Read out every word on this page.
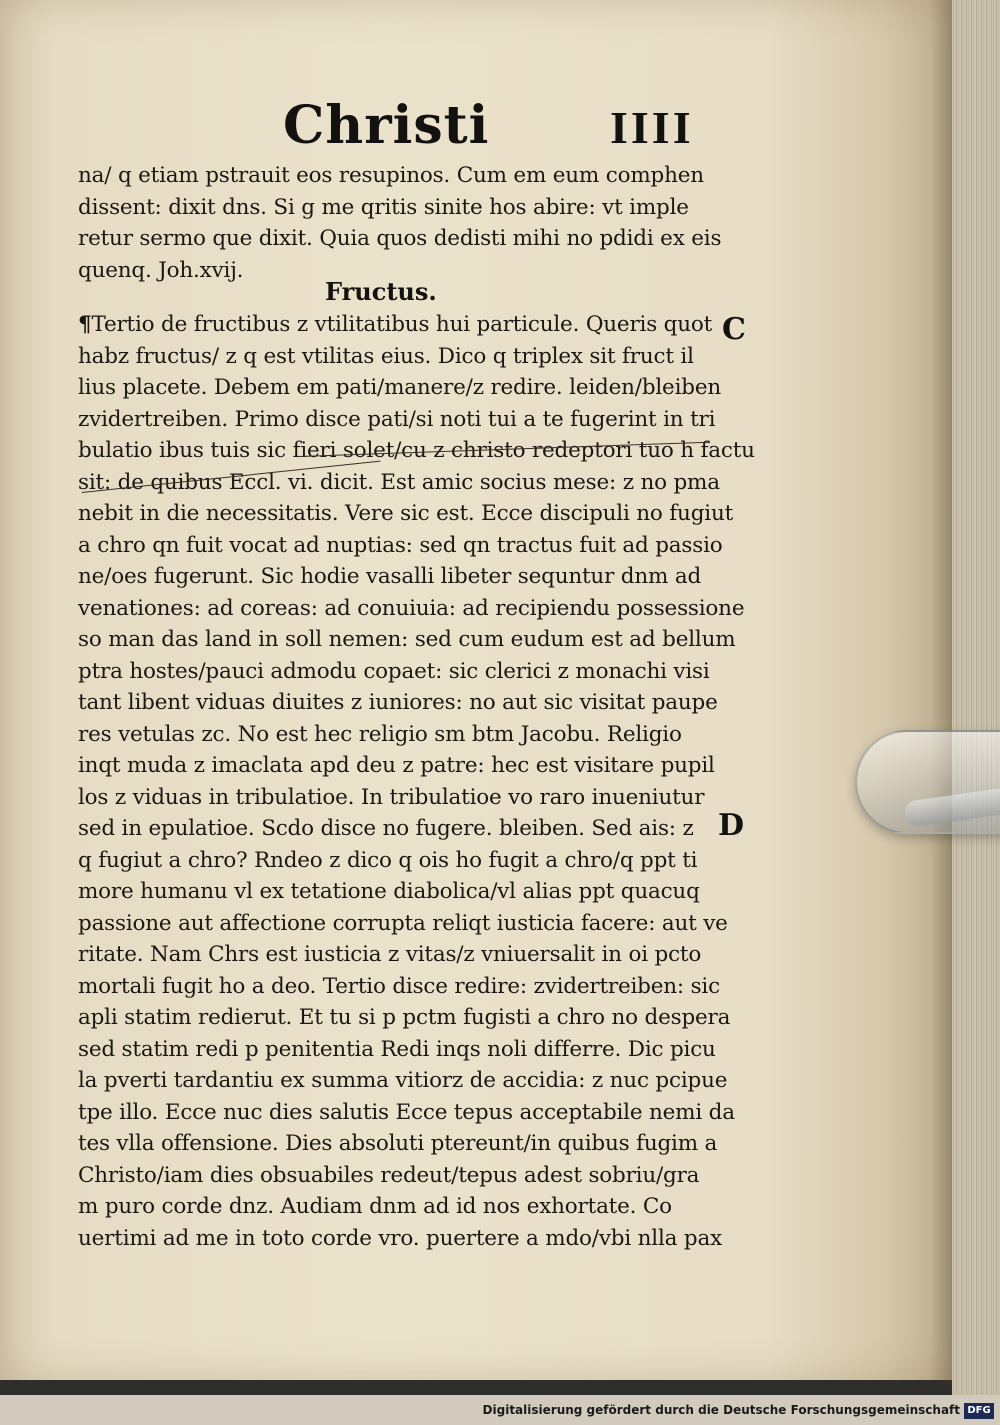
Christi	IIII
na/ q etiam pstrauit eos resupinos. Cum em eum comphen
dissent: dixit dns. Si g me qritis sinite hos abire: vt imple
retur sermo que dixit. Quia quos dedisti mihi no pdidi ex eis
quenq. Joh.xvij.
Fructus.
¶Tertio de fructibus z vtilitatibus hui particule. Queris quot
habz fructus/ z q est vtilitas eius. Dico q triplex sit fruct il
lius placete. Debem em pati/manere/z redire. leiden/bleiben
zvidertreiben. Primo disce pati/si noti tui a te fugerint in tri
bulatio ibus tuis sic fieri solet/cu z christo redeptori tuo h factu
sit: de quibus Eccl. vi. dicit. Est amic socius mese: z no pma
nebit in die necessitatis. Vere sic est. Ecce discipuli no fugiut
a chro qn fuit vocat ad nuptias: sed qn tractus fuit ad passio
ne/oes fugerunt. Sic hodie vasalli libeter sequntur dnm ad
venationes: ad coreas: ad conuiuia: ad recipiendu possessione
so man das land in soll nemen: sed cum eudum est ad bellum
ptra hostes/pauci admodu copaet: sic clerici z monachi visi
tant libent viduas diuites z iuniores: no aut sic visitat paupe
res vetulas zc. No est hec religio sm btm Jacobu. Religio
inqt muda z imaclata apd deu z patre: hec est visitare pupil
los z viduas in tribulatioe. In tribulatioe vo raro inueniutur
sed in epulatioe. Scdo disce no fugere. bleiben. Sed ais: z
q fugiut a chro? Rndeo z dico q ois ho fugit a chro/q ppt ti
more humanu vl ex tetatione diabolica/vl alias ppt quacuq
passione aut affectione corrupta reliqt iusticia facere: aut ve
ritate. Nam Chrs est iusticia z vitas/z vniuersalit in oi pcto
mortali fugit ho a deo. Tertio disce redire: zvidertreiben: sic
apli statim redierut. Et tu si p pctm fugisti a chro no despera
sed statim redi p penitentia Redi inqs noli differre. Dic picu
la pverti tardantiu ex summa vitiorz de accidia: z nuc pcipue
tpe illo. Ecce nuc dies salutis Ecce tepus acceptabile nemi da
tes vlla offensione. Dies absoluti ptereunt/in quibus fugim a
Christo/iam dies obsuabiles redeut/tepus adest sobriu/gra
m puro corde dnz. Audiam dnm ad id nos exhortate. Co
uertimi ad me in toto corde vro. puertere a mdo/vbi nlla pax
C
D
Digitalisierung gefördert durch die Deutsche Forschungsgemeinschaft DFG
